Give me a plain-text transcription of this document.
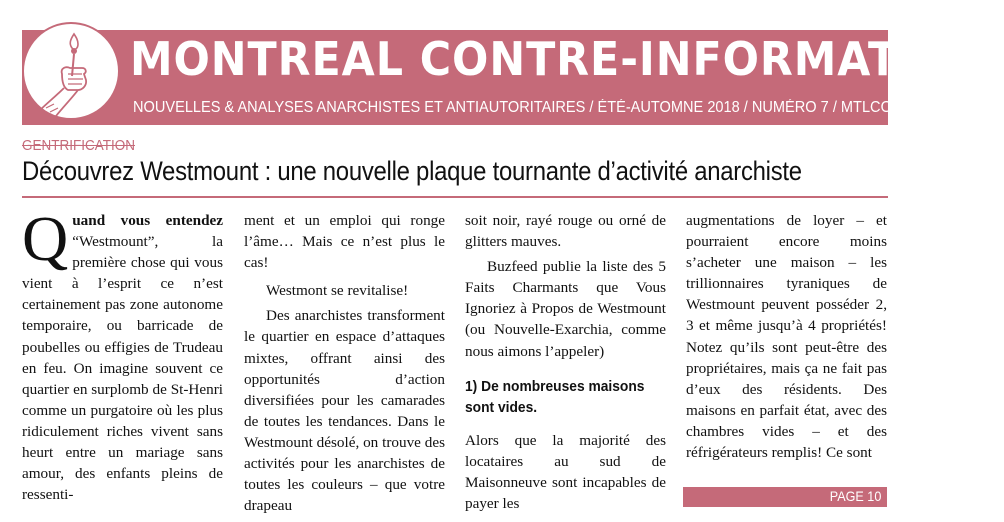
MONTREAL CONTRE-INFORMATION
NOUVELLES & ANALYSES ANARCHISTES ET ANTIAUTORITAIRES / ÉTÉ-AUTOMNE 2018 / NUMÉRO 7 / MTLCONTREINFO.ORG
GENTRIFICATION
Découvrez Westmount : une nouvelle plaque tournante d’activité anarchiste

Quand vous entendez “Westmount”, la première chose qui vous vient à l’esprit ce n’est certainement pas zone autonome temporaire, ou barricade de poubelles ou effigies de Trudeau en feu. On imagine souvent ce quartier en surplomb de St-Henri comme un purgatoire où les plus ridiculement riches vivent sans heurt entre un mariage sans amour, des enfants pleins de ressenti-

ment et un emploi qui ronge l’âme… Mais ce n’est plus le cas!

Westmont se revitalise!

Des anarchistes transforment le quartier en espace d’attaques mixtes, offrant ainsi des opportunités d’action diversifiées pour les camarades de toutes les tendances. Dans le Westmount désolé, on trouve des activités pour les anarchistes de toutes les couleurs – que votre drapeau

soit noir, rayé rouge ou orné de glitters mauves.

Buzfeed publie la liste des 5 Faits Charmants que Vous Ignoriez à Propos de Westmount (ou Nouvelle-Exarchia, comme nous aimons l’appeler)

1) De nombreuses maisons sont vides.

Alors que la majorité des locataires au sud de Maisonneuve sont incapables de payer les

augmentations de loyer – et pourraient encore moins s’acheter une maison – les trillionnaires tyraniques de Westmount peuvent posséder 2, 3 et même jusqu’à 4 propriétés! Notez qu’ils sont peut-être des propriétaires, mais ça ne fait pas d’eux des résidents. Des maisons en parfait état, avec des chambres vides – et des réfrigérateurs remplis! Ce sont

PAGE 10
